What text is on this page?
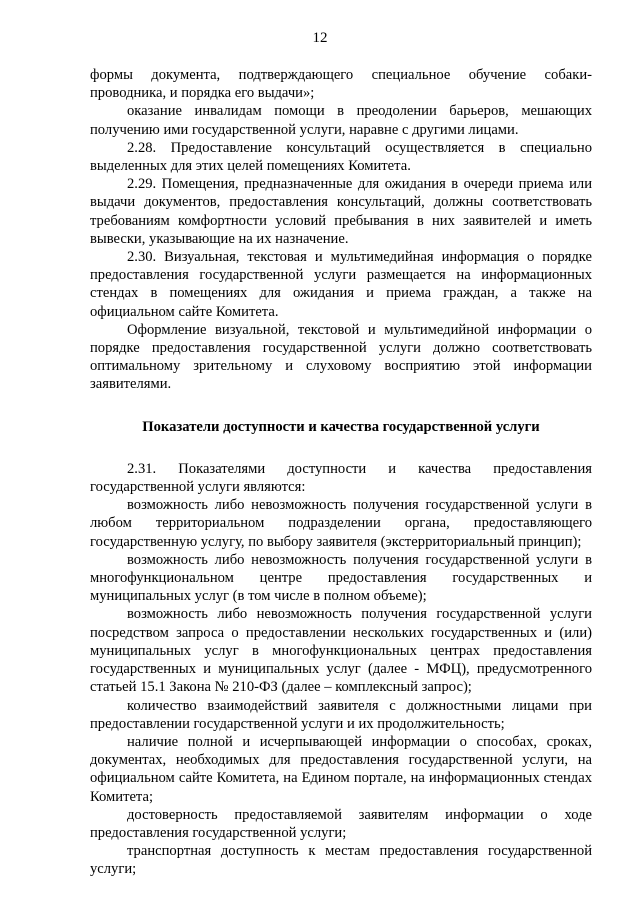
12

формы документа, подтверждающего специальное обучение собаки-проводника, и порядка его выдачи»;

оказание инвалидам помощи в преодолении барьеров, мешающих получению ими государственной услуги, наравне с другими лицами.

2.28. Предоставление консультаций осуществляется в специально выделенных для этих целей помещениях Комитета.

2.29. Помещения, предназначенные для ожидания в очереди приема или выдачи документов, предоставления консультаций, должны соответствовать требованиям комфортности условий пребывания в них заявителей и иметь вывески, указывающие на их назначение.

2.30. Визуальная, текстовая и мультимедийная информация о порядке предоставления государственной услуги размещается на информационных стендах в помещениях для ожидания и приема граждан, а также на официальном сайте Комитета.

Оформление визуальной, текстовой и мультимедийной информации о порядке предоставления государственной услуги должно соответствовать оптимальному зрительному и слуховому восприятию этой информации заявителями.

Показатели доступности и качества государственной услуги

2.31. Показателями доступности и качества предоставления государственной услуги являются:

возможность либо невозможность получения государственной услуги в любом территориальном подразделении органа, предоставляющего государственную услугу, по выбору заявителя (экстерриториальный принцип);

возможность либо невозможность получения государственной услуги в многофункциональном центре предоставления государственных и муниципальных услуг (в том числе в полном объеме);

возможность либо невозможность получения государственной услуги посредством запроса о предоставлении нескольких государственных и (или) муниципальных услуг в многофункциональных центрах предоставления государственных и муниципальных услуг (далее - МФЦ), предусмотренного статьей 15.1 Закона № 210-ФЗ (далее – комплексный запрос);

количество взаимодействий заявителя с должностными лицами при предоставлении государственной услуги и их продолжительность;

наличие полной и исчерпывающей информации о способах, сроках, документах, необходимых для предоставления государственной услуги, на официальном сайте Комитета, на Едином портале, на информационных стендах Комитета;

достоверность предоставляемой заявителям информации о ходе предоставления государственной услуги;

транспортная доступность к местам предоставления государственной услуги;
